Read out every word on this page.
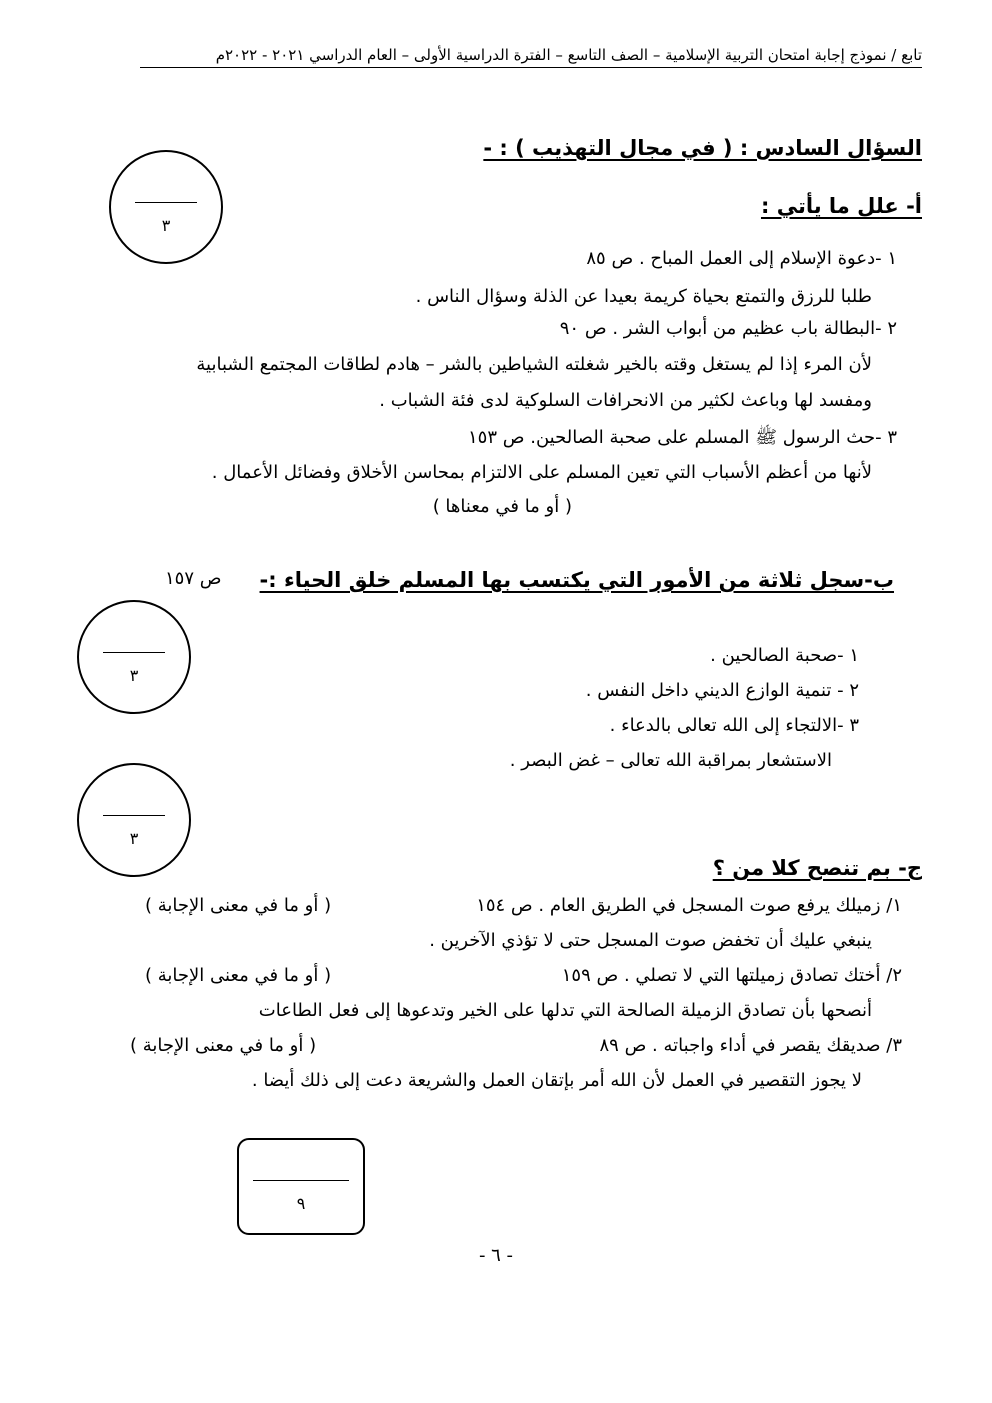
تابع / نموذج إجابة امتحان التربية الإسلامية – الصف التاسع – الفترة الدراسية الأولى – العام الدراسي ٢٠٢١ - ٢٠٢٢م
السؤال السادس : ( في مجال التهذيب ) : -
أ- علل ما يأتي :
٣
١ -دعوة الإسلام إلى العمل المباح . ص ٨٥
طلبا للرزق والتمتع بحياة كريمة بعيدا عن الذلة وسؤال الناس .
٢ -البطالة باب عظيم من أبواب الشر . ص ٩٠
لأن المرء إذا لم يستغل وقته بالخير شغلته الشياطين بالشر – هادم لطاقات المجتمع الشبابية
ومفسد لها وباعث لكثير من الانحرافات السلوكية لدى فئة الشباب .
٣ -حث الرسول ﷺ المسلم على صحبة الصالحين. ص ١٥٣
لأنها من أعظم الأسباب التي تعين المسلم على الالتزام بمحاسن الأخلاق وفضائل الأعمال .
( أو ما في معناها )
ب-سجل ثلاثة من الأمور التي يكتسب بها المسلم خلق الحياء :-
ص ١٥٧
٣
٣
١ -صحبة الصالحين .
٢ - تنمية الوازع الديني داخل النفس .
٣ -الالتجاء إلى الله تعالى بالدعاء .
الاستشعار بمراقبة الله تعالى – غض البصر .
ج- بم تنصح كلا من ؟
١/ زميلك يرفع صوت المسجل في الطريق العام . ص ١٥٤
( أو ما في معنى الإجابة )
ينبغي عليك أن تخفض صوت المسجل حتى لا تؤذي الآخرين .
٢/ أختك تصادق زميلتها التي لا تصلي . ص ١٥٩
( أو ما في معنى الإجابة )
أنصحها بأن تصادق الزميلة الصالحة التي تدلها على الخير وتدعوها إلى فعل الطاعات
٣/ صديقك يقصر في أداء واجباته . ص ٨٩
( أو ما في معنى الإجابة )
لا يجوز التقصير في العمل لأن الله أمر بإتقان العمل والشريعة دعت إلى ذلك أيضا .
٩
- ٦ -
